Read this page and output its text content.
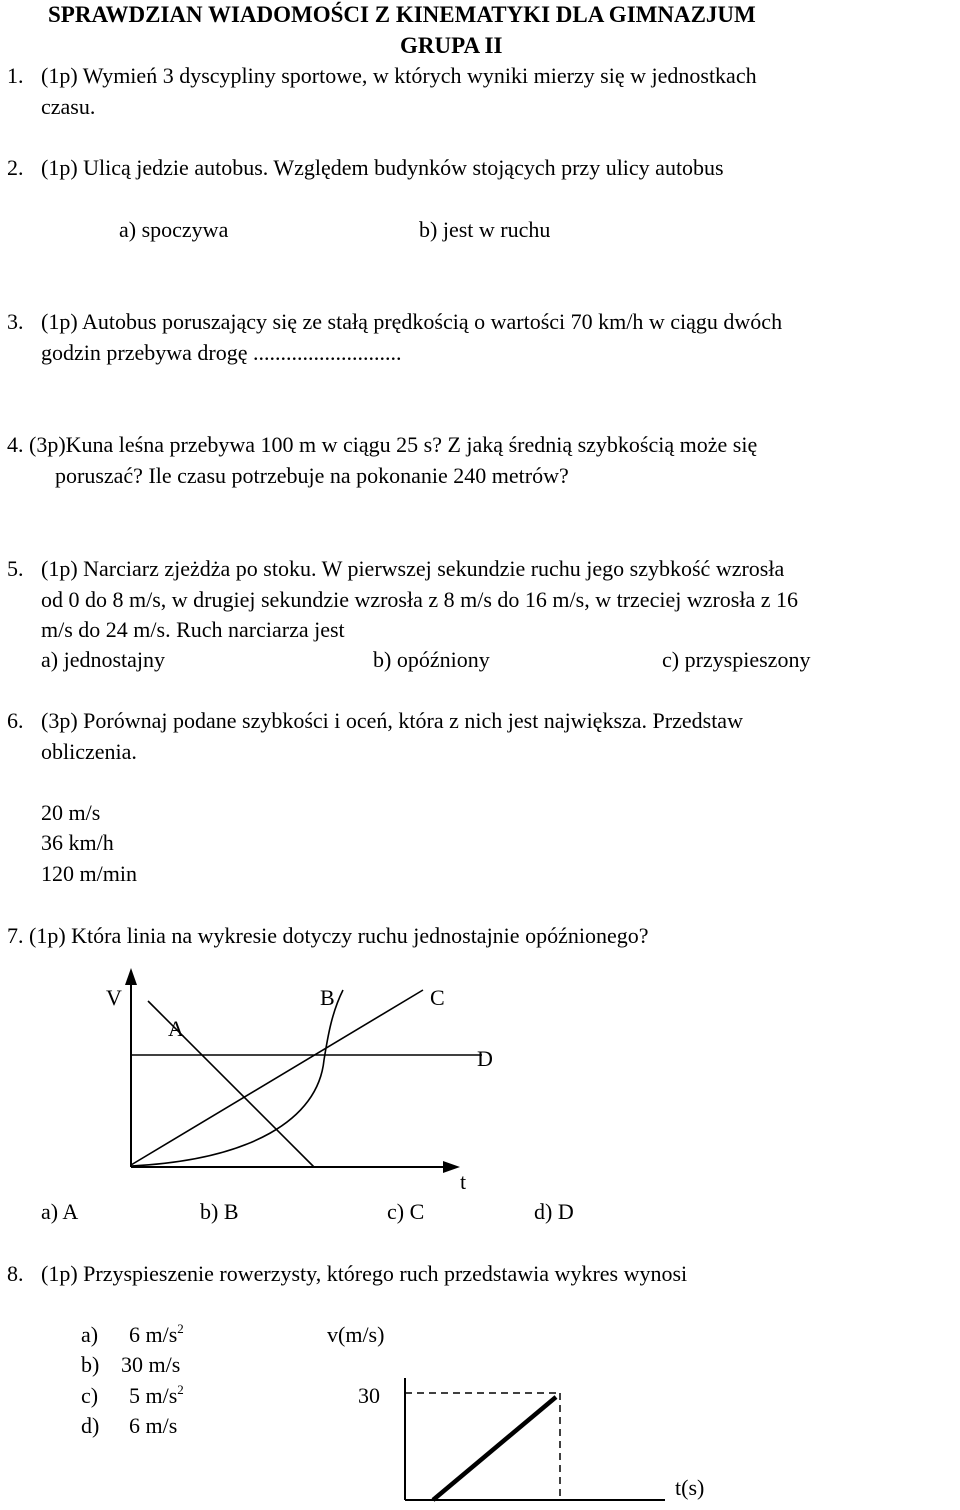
SPRAWDZIAN WIADOMOŚCI Z KINEMATYKI DLA GIMNAZJUM
GRUPA II
1. (1p) Wymień 3 dyscypliny sportowe, w których wyniki mierzy się w jednostkach
czasu.
2. (1p) Ulicą jedzie autobus. Względem budynków stojących przy ulicy autobus
a) spoczywa	b) jest w ruchu
3. (1p) Autobus poruszający się ze stałą prędkością o wartości 70 km/h w ciągu dwóch
godzin przebywa drogę ...........................
4. (3p)Kuna leśna przebywa 100 m w ciągu 25 s? Z jaką średnią szybkością może się
poruszać? Ile czasu potrzebuje na pokonanie 240 metrów?
5. (1p) Narciarz zjeżdża po stoku. W pierwszej sekundzie ruchu jego szybkość wzrosła
od 0 do 8 m/s, w drugiej sekundzie wzrosła z 8 m/s do 16 m/s, w trzeciej wzrosła z 16
m/s do 24 m/s. Ruch narciarza jest
a) jednostajny	b) opóźniony	c) przyspieszony
6. (3p) Porównaj podane szybkości i oceń, która z nich jest największa. Przedstaw
obliczenia.
20 m/s
36 km/h
120 m/min
7. (1p) Która linia na wykresie dotyczy ruchu jednostajnie opóźnionego?
V
A
B	C
D
t
a) A	b) B	c) C	d) D
8. (1p) Przyspieszenie rowerzysty, którego ruch przedstawia wykres wynosi
a) 6 $m/s^2$
b) 30 m/s
c) 5 $m/s^2$
d) 6 m/s
v(m/s)
30
t(s)
